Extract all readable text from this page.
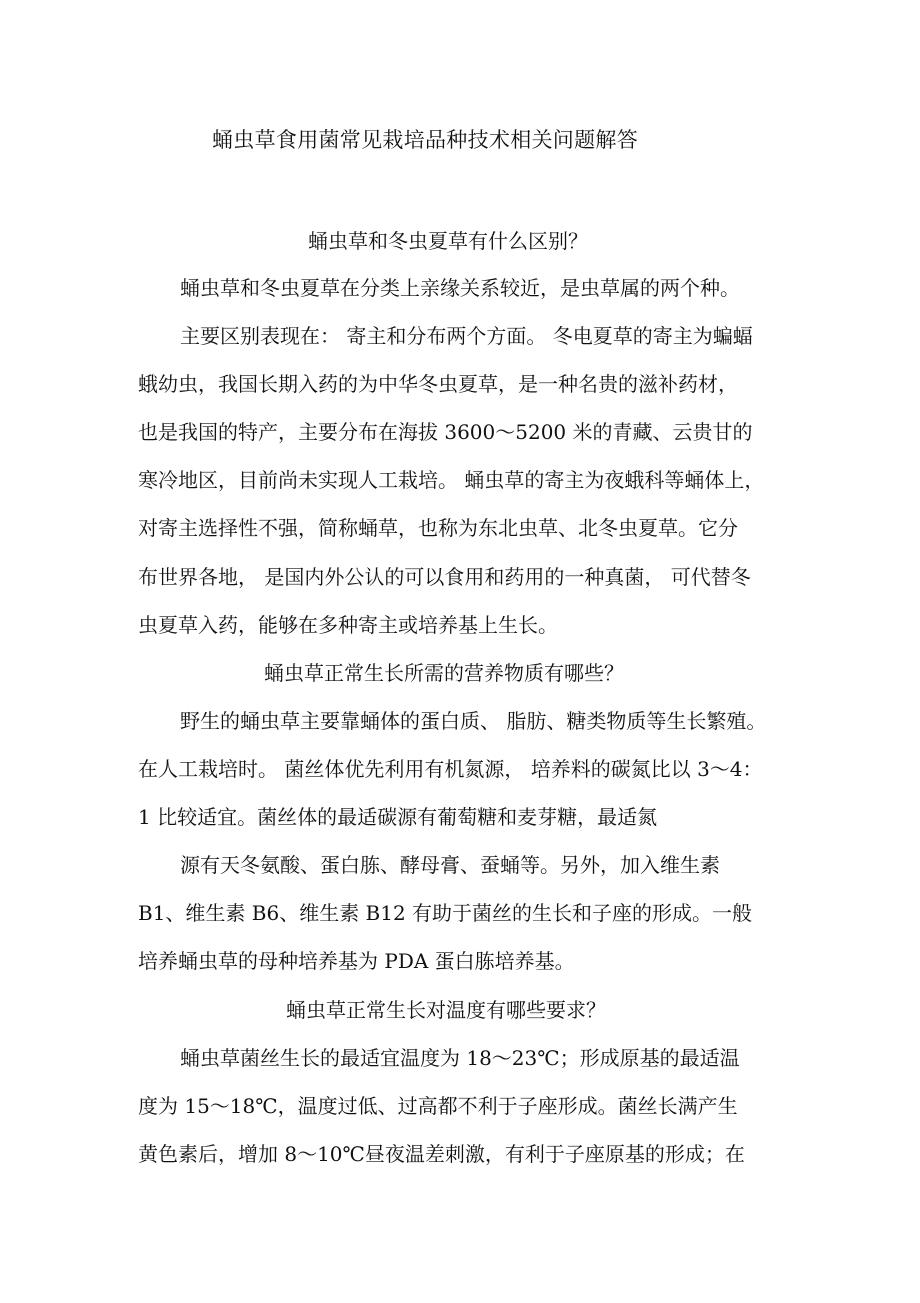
蛹虫草食用菌常见栽培品种技术相关问题解答
蛹虫草和冬虫夏草有什么区别？
蛹虫草和冬虫夏草在分类上亲缘关系较近，是虫草属的两个种。
主要区别表现在： 寄主和分布两个方面。 冬电夏草的寄主为蝙蝠
蛾幼虫，我国长期入药的为中华冬虫夏草，是一种名贵的滋补药材，
也是我国的特产，主要分布在海拔 3600～5200 米的青藏、云贵甘的
寒冷地区，目前尚未实现人工栽培。 蛹虫草的寄主为夜蛾科等蛹体上，
对寄主选择性不强，简称蛹草，也称为东北虫草、北冬虫夏草。它分
布世界各地， 是国内外公认的可以食用和药用的一种真菌， 可代替冬
虫夏草入药，能够在多种寄主或培养基上生长。
蛹虫草正常生长所需的营养物质有哪些？
野生的蛹虫草主要靠蛹体的蛋白质、 脂肪、糖类物质等生长繁殖。
在人工栽培时。 菌丝体优先利用有机氮源， 培养料的碳氮比以 3～4：
1 比较适宜。菌丝体的最适碳源有葡萄糖和麦芽糖，最适氮
源有天冬氨酸、蛋白胨、酵母膏、蚕蛹等。另外，加入维生素
B1、维生素 B6、维生素 B12 有助于菌丝的生长和子座的形成。一般
培养蛹虫草的母种培养基为 PDA 蛋白胨培养基。
蛹虫草正常生长对温度有哪些要求？
蛹虫草菌丝生长的最适宜温度为 18～23℃；形成原基的最适温
度为 15～18℃，温度过低、过高都不利于子座形成。菌丝长满产生
黄色素后，增加 8～10℃昼夜温差刺激，有利于子座原基的形成；在
